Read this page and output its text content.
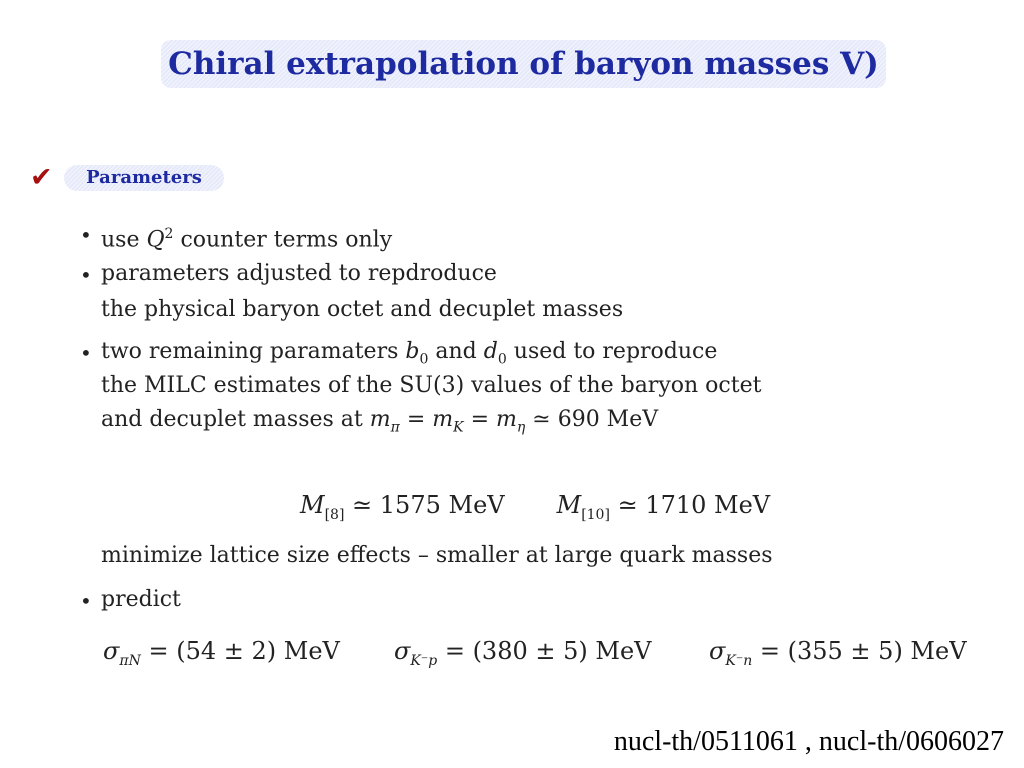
Chiral extrapolation of baryon masses V)
✔	Parameters
• use $Q^2$ counter terms only
• parameters adjusted to repdroduce
the physical baryon octet and decuplet masses
• two remaining paramaters $b_0$ and $d_0$ used to reproduce
the MILC estimates of the SU(3) values of the baryon octet
and decuplet masses at $m_\pi = m_K = m_\eta$ ≃ 690 MeV
$M_{[8]}$ ≃ 1575 MeV $M_{[10]}$ ≃ 1710 MeV
minimize lattice size effects – smaller at large quark masses
• predict
$\sigma_{\pi N} = (54 \pm 2)$ MeV $\sigma_{K^-p} = (380 \pm 5)$ MeV $\sigma_{K^-n} = (355 \pm 5)$ MeV
nucl-th/0511061 , nucl-th/0606027
